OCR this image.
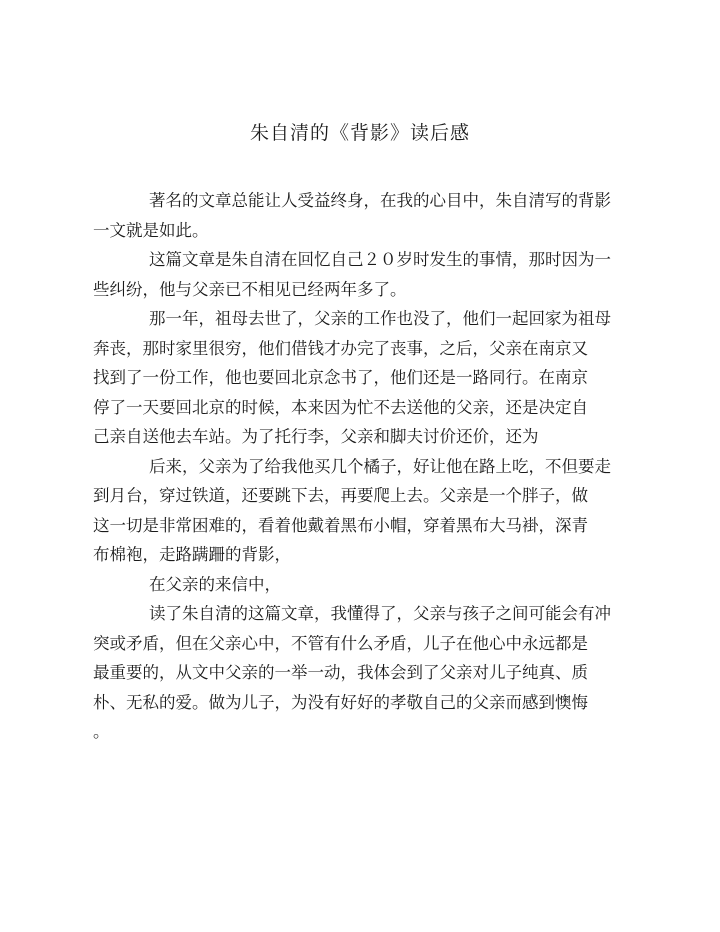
朱自清的《背影》读后感
著名的文章总能让人受益终身，在我的心目中，朱自清写的背影
一文就是如此。
这篇文章是朱自清在回忆自己２０岁时发生的事情，那时因为一
些纠纷，他与父亲已不相见已经两年多了。
那一年，祖母去世了，父亲的工作也没了，他们一起回家为祖母
奔丧，那时家里很穷，他们借钱才办完了丧事，之后，父亲在南京又
找到了一份工作，他也要回北京念书了，他们还是一路同行。在南京
停了一天要回北京的时候，本来因为忙不去送他的父亲，还是决定自
己亲自送他去车站。为了托行李，父亲和脚夫讨价还价，还为
后来，父亲为了给我他买几个橘子，好让他在路上吃，不但要走
到月台，穿过铁道，还要跳下去，再要爬上去。父亲是一个胖子，做
这一切是非常困难的，看着他戴着黑布小帽，穿着黑布大马褂，深青
布棉袍，走路蹒跚的背影，
在父亲的来信中，
读了朱自清的这篇文章，我懂得了，父亲与孩子之间可能会有冲
突或矛盾，但在父亲心中，不管有什么矛盾，儿子在他心中永远都是
最重要的，从文中父亲的一举一动，我体会到了父亲对儿子纯真、质
朴、无私的爱。做为儿子，为没有好好的孝敬自己的父亲而感到懊悔
。
